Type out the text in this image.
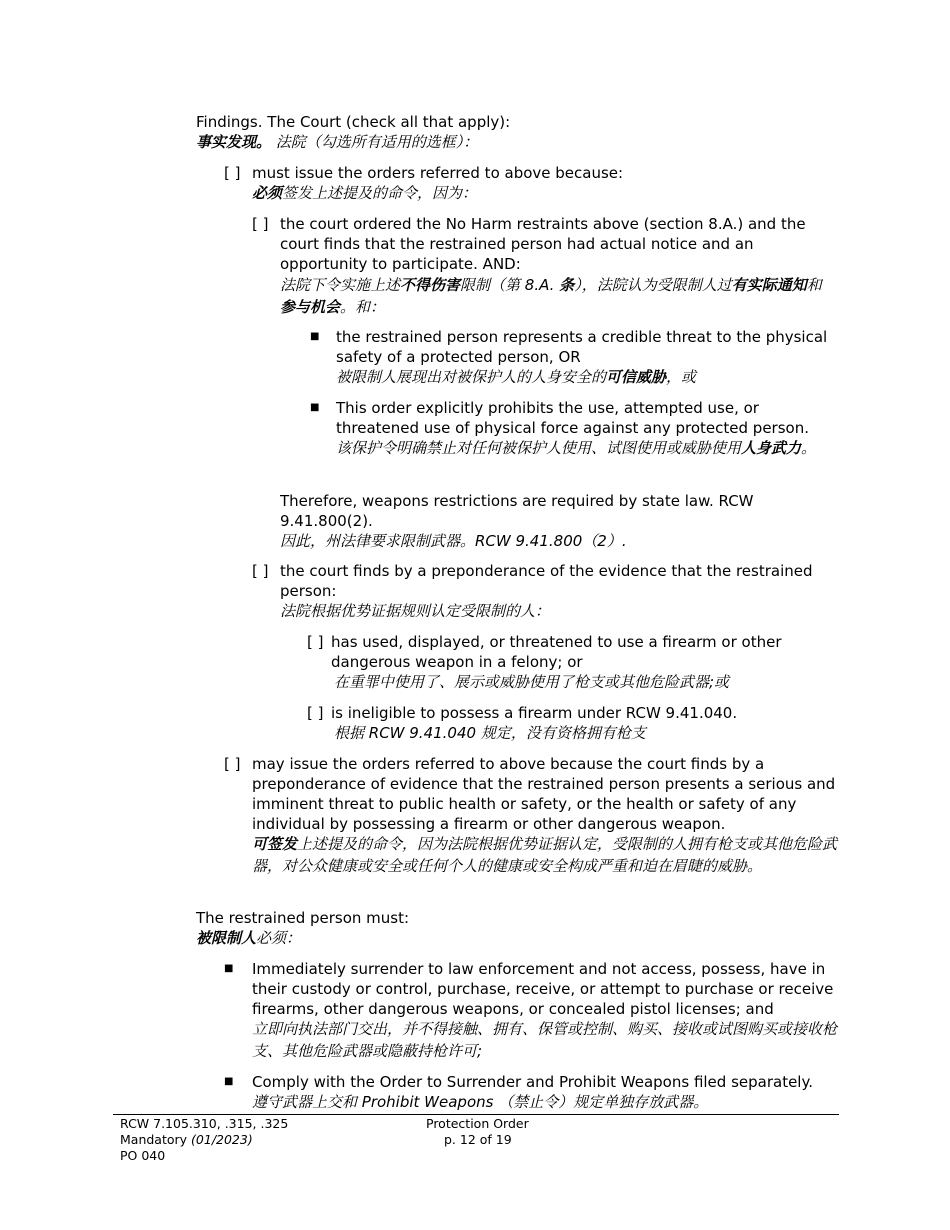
Findings. The Court (check all that apply):
事实发现。 法院（勾选所有适用的选框）：
[ ] must issue the orders referred to above because:
必须签发上述提及的命令，因为：
[ ] the court ordered the No Harm restraints above (section 8.A.) and the court finds that the restrained person had actual notice and an opportunity to participate. AND:
法院下令实施上述不得伤害限制（第 8.A. 条），法院认为受限制人过有实际通知和参与机会。和：
■ the restrained person represents a credible threat to the physical safety of a protected person, OR
被限制人展现出对被保护人的人身安全的可信威胁，或
■ This order explicitly prohibits the use, attempted use, or threatened use of physical force against any protected person.
该保护令明确禁止对任何被保护人使用、试图使用或威胁使用人身武力。
Therefore, weapons restrictions are required by state law. RCW 9.41.800(2).
因此，州法律要求限制武器。RCW 9.41.800（2）.
[ ] the court finds by a preponderance of the evidence that the restrained person:
法院根据优势证据规则认定受限制的人：
[ ] has used, displayed, or threatened to use a firearm or other dangerous weapon in a felony; or
在重罪中使用了、展示或威胁使用了枪支或其他危险武器;或
[ ] is ineligible to possess a firearm under RCW 9.41.040.
根据 RCW 9.41.040 规定，没有资格拥有枪支
[ ] may issue the orders referred to above because the court finds by a preponderance of evidence that the restrained person presents a serious and imminent threat to public health or safety, or the health or safety of any individual by possessing a firearm or other dangerous weapon.
可签发上述提及的命令，因为法院根据优势证据认定，受限制的人拥有枪支或其他危险武器，对公众健康或安全或任何个人的健康或安全构成严重和迫在眉睫的威胁。
The restrained person must:
被限制人必须：
■ Immediately surrender to law enforcement and not access, possess, have in their custody or control, purchase, receive, or attempt to purchase or receive firearms, other dangerous weapons, or concealed pistol licenses; and
立即向执法部门交出，并不得接触、拥有、保管或控制、购买、接收或试图购买或接收枪支、其他危险武器或隐蔽持枪许可;
■ Comply with the Order to Surrender and Prohibit Weapons filed separately.
遵守武器上交和 Prohibit Weapons （禁止令）规定单独存放武器。
RCW 7.105.310, .315, .325
Mandatory (01/2023)
PO 040
Protection Order
p. 12 of 19
